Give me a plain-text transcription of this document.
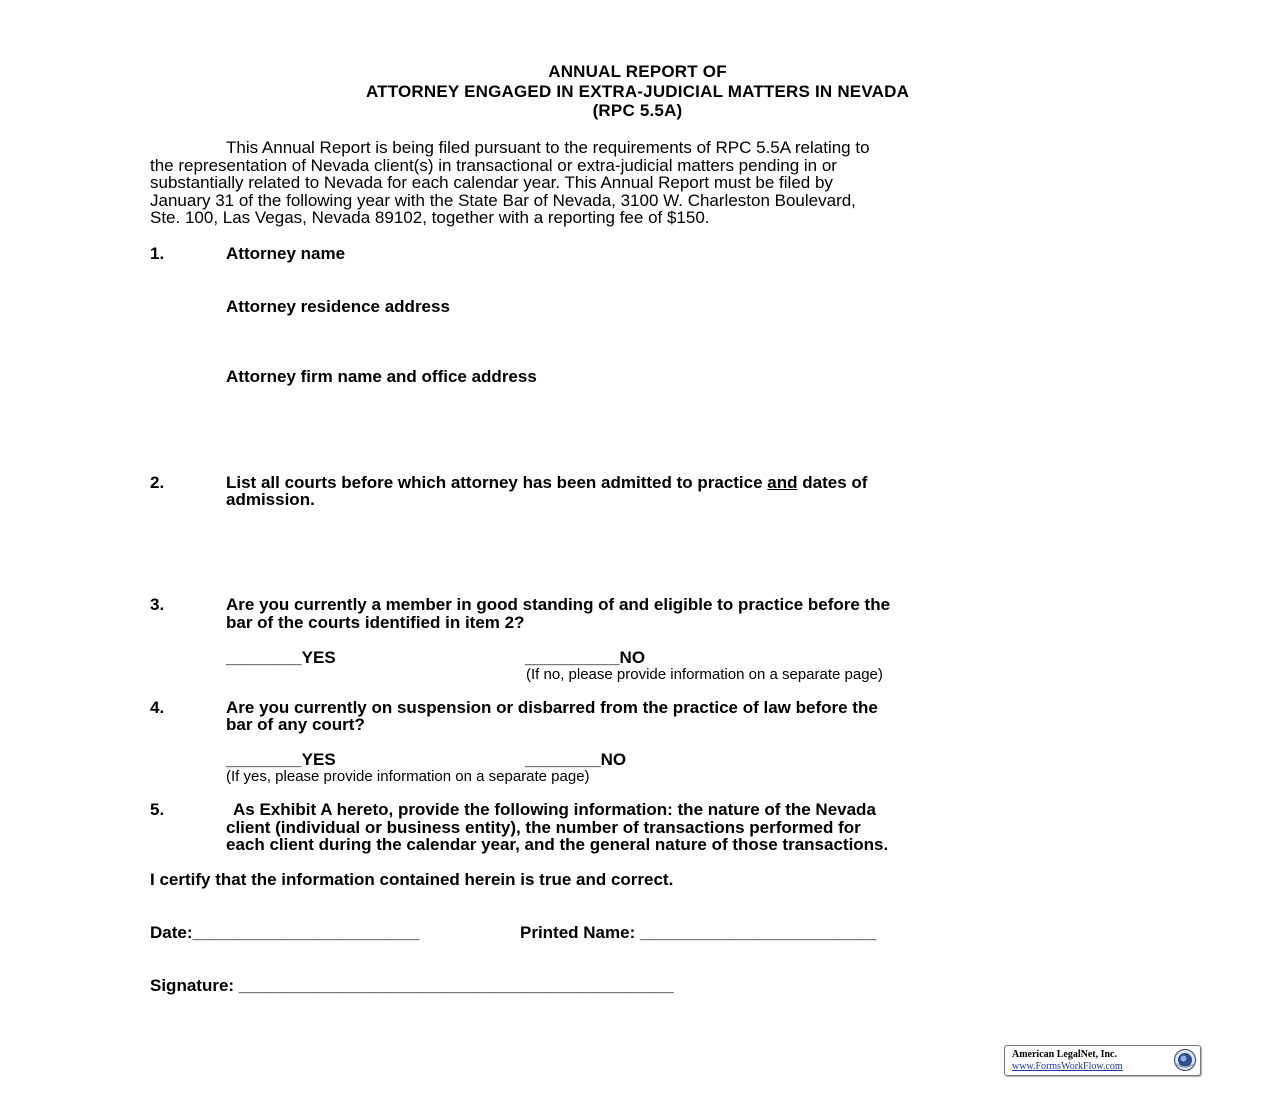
ANNUAL REPORT OF
ATTORNEY ENGAGED IN EXTRA-JUDICIAL MATTERS IN NEVADA
(RPC 5.5A)
This Annual Report is being filed pursuant to the requirements of RPC 5.5A relating to
the representation of Nevada client(s) in transactional or extra-judicial matters pending in or
substantially related to Nevada for each calendar year. This Annual Report must be filed by
January 31 of the following year with the State Bar of Nevada, 3100 W. Charleston Boulevard,
Ste. 100, Las Vegas, Nevada 89102, together with a reporting fee of $150.
1.	Attorney name
Attorney residence address
Attorney firm name and office address
2.	List all courts before which attorney has been admitted to practice and dates of
admission.
3.	Are you currently a member in good standing of and eligible to practice before the
bar of the courts identified in item 2?
________YES	__________NO
(If no, please provide information on a separate page)
4.	Are you currently on suspension or disbarred from the practice of law before the
bar of any court?
________YES	________NO
(If yes, please provide information on a separate page)
5.	As Exhibit A hereto, provide the following information: the nature of the Nevada
client (individual or business entity), the number of transactions performed for
each client during the calendar year, and the general nature of those transactions.
I certify that the information contained herein is true and correct.
Date:________________________	Printed Name: _________________________
Signature: ______________________________________________
American LegalNet, Inc.
www.FormsWorkFlow.com
